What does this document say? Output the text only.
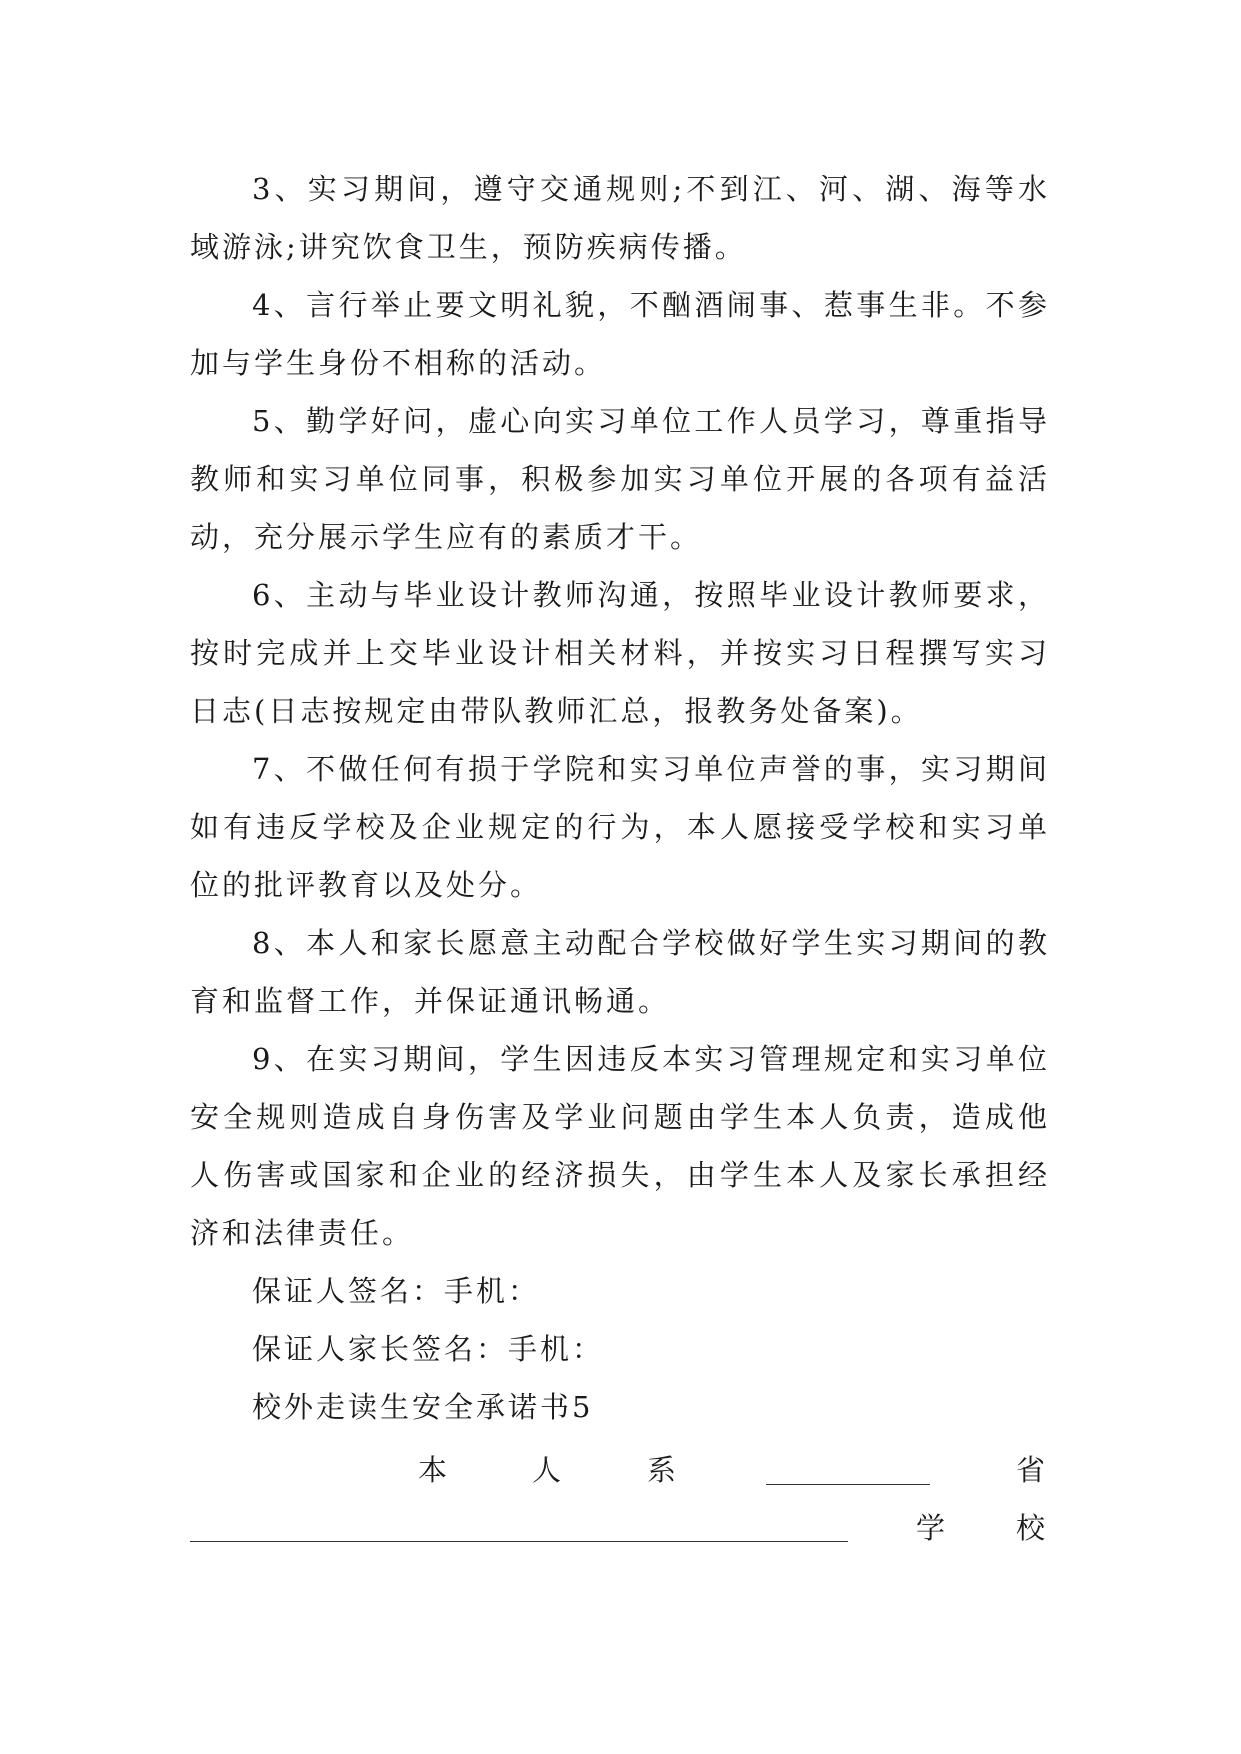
3、实习期间，遵守交通规则;不到江、河、湖、海等水域游泳;讲究饮食卫生，预防疾病传播。

4、言行举止要文明礼貌，不酗酒闹事、惹事生非。不参加与学生身份不相称的活动。

5、勤学好问，虚心向实习单位工作人员学习，尊重指导教师和实习单位同事，积极参加实习单位开展的各项有益活动，充分展示学生应有的素质才干。

6、主动与毕业设计教师沟通，按照毕业设计教师要求，按时完成并上交毕业设计相关材料，并按实习日程撰写实习日志(日志按规定由带队教师汇总，报教务处备案)。

7、不做任何有损于学院和实习单位声誉的事，实习期间如有违反学校及企业规定的行为，本人愿接受学校和实习单位的批评教育以及处分。

8、本人和家长愿意主动配合学校做好学生实习期间的教育和监督工作，并保证通讯畅通。

9、在实习期间，学生因违反本实习管理规定和实习单位安全规则造成自身伤害及学业问题由学生本人负责，造成他人伤害或国家和企业的经济损失，由学生本人及家长承担经济和法律责任。

保证人签名：手机：

保证人家长签名：手机：

校外走读生安全承诺书5

本	人	系	省
学 校
